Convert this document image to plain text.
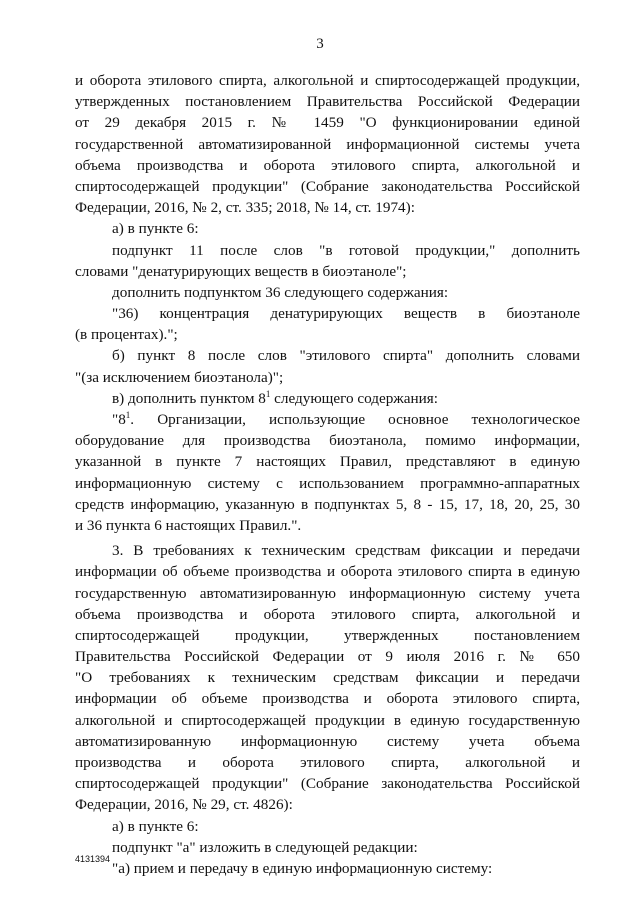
3
и оборота этилового спирта, алкогольной и спиртосодержащей продукции,
утвержденных постановлением Правительства Российской Федерации
от 29 декабря 2015 г. № 1459 "О функционировании единой
государственной автоматизированной информационной системы учета
объема производства и оборота этилового спирта, алкогольной и
спиртосодержащей продукции" (Собрание законодательства Российской
Федерации, 2016, № 2, ст. 335; 2018, № 14, ст. 1974):
а) в пункте 6:
подпункт 11 после слов "в готовой продукции," дополнить
словами "денатурирующих веществ в биоэтаноле";
дополнить подпунктом 36 следующего содержания:
"36) концентрация денатурирующих веществ в биоэтаноле
(в процентах).";
б) пункт 8 после слов "этилового спирта" дополнить словами
"(за исключением биоэтанола)";
в) дополнить пунктом $8^1$ следующего содержания:
"$8^1$. Организации, использующие основное технологическое
оборудование для производства биоэтанола, помимо информации,
указанной в пункте 7 настоящих Правил, представляют в единую
информационную систему с использованием программно-аппаратных
средств информацию, указанную в подпунктах 5, 8 - 15, 17, 18, 20, 25, 30
и 36 пункта 6 настоящих Правил.".
3. В требованиях к техническим средствам фиксации и передачи
информации об объеме производства и оборота этилового спирта в единую
государственную автоматизированную информационную систему учета
объема производства и оборота этилового спирта, алкогольной и
спиртосодержащей продукции, утвержденных постановлением
Правительства Российской Федерации от 9 июля 2016 г. № 650
"О требованиях к техническим средствам фиксации и передачи
информации об объеме производства и оборота этилового спирта,
алкогольной и спиртосодержащей продукции в единую государственную
автоматизированную информационную систему учета объема
производства и оборота этилового спирта, алкогольной и
спиртосодержащей продукции" (Собрание законодательства Российской
Федерации, 2016, № 29, ст. 4826):
а) в пункте 6:
подпункт "а" изложить в следующей редакции:
"а) прием и передачу в единую информационную систему:
4131394
